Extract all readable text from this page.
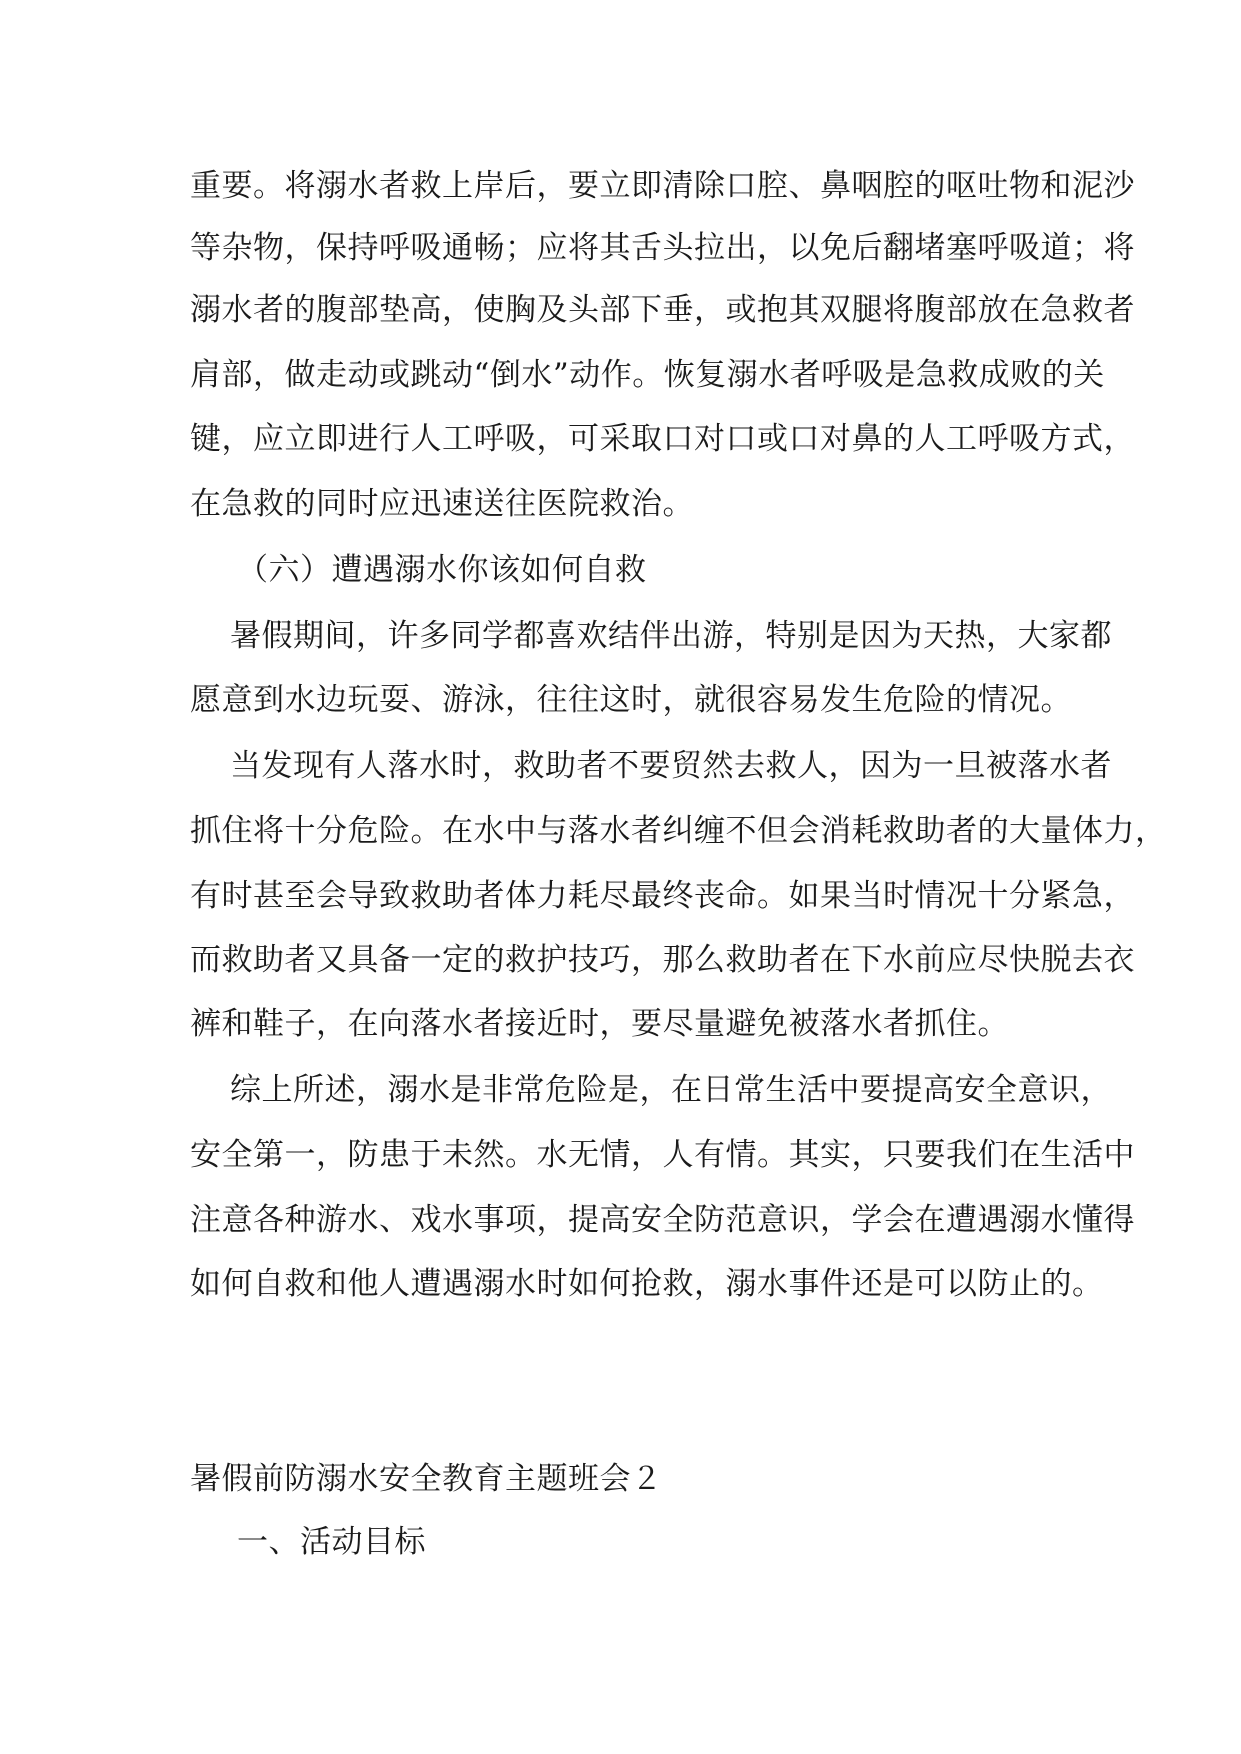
重要。将溺水者救上岸后，要立即清除口腔、鼻咽腔的呕吐物和泥沙
等杂物，保持呼吸通畅；应将其舌头拉出，以免后翻堵塞呼吸道；将
溺水者的腹部垫高，使胸及头部下垂，或抱其双腿将腹部放在急救者
肩部，做走动或跳动“倒水”动作。恢复溺水者呼吸是急救成败的关
键，应立即进行人工呼吸，可采取口对口或口对鼻的人工呼吸方式，
在急救的同时应迅速送往医院救治。
（六）遭遇溺水你该如何自救
暑假期间，许多同学都喜欢结伴出游，特别是因为天热，大家都
愿意到水边玩耍、游泳，往往这时，就很容易发生危险的情况。
当发现有人落水时，救助者不要贸然去救人，因为一旦被落水者
抓住将十分危险。在水中与落水者纠缠不但会消耗救助者的大量体力，
有时甚至会导致救助者体力耗尽最终丧命。如果当时情况十分紧急，
而救助者又具备一定的救护技巧，那么救助者在下水前应尽快脱去衣
裤和鞋子，在向落水者接近时，要尽量避免被落水者抓住。
综上所述，溺水是非常危险是，在日常生活中要提高安全意识，
安全第一，防患于未然。水无情，人有情。其实，只要我们在生活中
注意各种游水、戏水事项，提高安全防范意识，学会在遭遇溺水懂得
如何自救和他人遭遇溺水时如何抢救，溺水事件还是可以防止的。
暑假前防溺水安全教育主题班会２
一、活动目标
